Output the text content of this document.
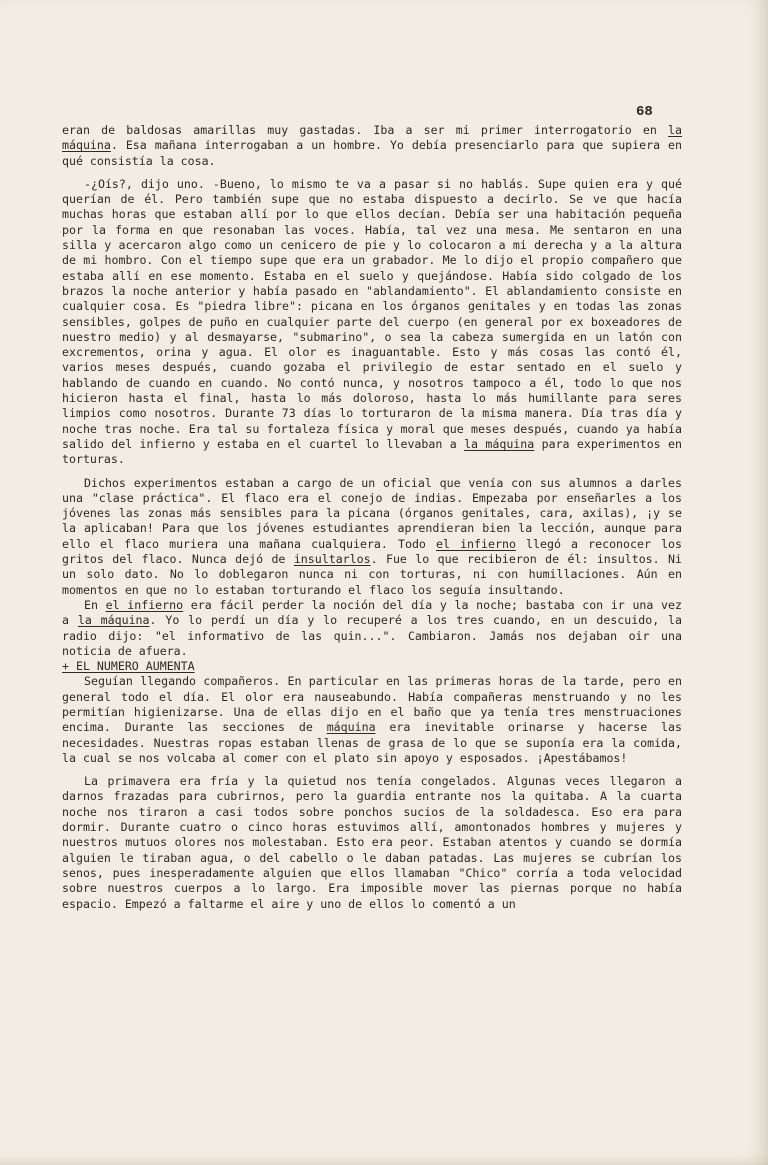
68

eran de baldosas amarillas muy gastadas. Iba a ser mi primer interrogatorio en la máquina. Esa mañana interrogaban a un hombre. Yo debía presenciarlo para que supiera en qué consistía la cosa.

-¿Oís?, dijo uno. -Bueno, lo mismo te va a pasar si no hablás. Supe quien era y qué querían de él. Pero también supe que no estaba dispuesto a decirlo. Se ve que hacía muchas horas que estaban allí por lo que ellos decían. Debía ser una habitación pequeña por la forma en que resonaban las voces. Había, tal vez una mesa. Me sentaron en una silla y acercaron algo como un cenicero de pie y lo colocaron a mi derecha y a la altura de mi hombro. Con el tiempo supe que era un grabador. Me lo dijo el propio compañero que estaba allí en ese momento. Estaba en el suelo y quejándose. Había sido colgado de los brazos la noche anterior y había pasado en "ablandamiento". El ablandamiento consiste en cualquier cosa. Es "piedra libre": picana en los órganos genitales y en todas las zonas sensibles, golpes de puño en cualquier parte del cuerpo (en general por ex boxeadores de nuestro medio) y al desmayarse, "submarino", o sea la cabeza sumergida en un latón con excrementos, orina y agua. El olor es inaguantable. Esto y más cosas las contó él, varios meses después, cuando gozaba el privilegio de estar sentado en el suelo y hablando de cuando en cuando. No contó nunca, y nosotros tampoco a él, todo lo que nos hicieron hasta el final, hasta lo más doloroso, hasta lo más humillante para seres limpios como nosotros. Durante 73 días lo torturaron de la misma manera. Día tras día y noche tras noche. Era tal su fortaleza física y moral que meses después, cuando ya había salido del infierno y estaba en el cuartel lo llevaban a la máquina para experimentos en torturas.

Dichos experimentos estaban a cargo de un oficial que venía con sus alumnos a darles una "clase práctica". El flaco era el conejo de indias. Empezaba por enseñarles a los jóvenes las zonas más sensibles para la picana (órganos genitales, cara, axilas), ¡y se la aplicaban! Para que los jóvenes estudiantes aprendieran bien la lección, aunque para ello el flaco muriera una mañana cualquiera. Todo el infierno llegó a reconocer los gritos del flaco. Nunca dejó de insultarlos. Fue lo que recibieron de él: insultos. Ni un solo dato. No lo doblegaron nunca ni con torturas, ni con humillaciones. Aún en momentos en que no lo estaban torturando el flaco los seguía insultando.

En el infierno era fácil perder la noción del día y la noche; bastaba con ir una vez a la máquina. Yo lo perdí un día y lo recuperé a los tres cuando, en un descuido, la radio dijo: "el informativo de las quin...". Cambiaron. Jamás nos dejaban oir una noticia de afuera.

+ EL NUMERO AUMENTA

Seguían llegando compañeros. En particular en las primeras horas de la tarde, pero en general todo el día. El olor era nauseabundo. Había compañeras menstruando y no les permitían higienizarse. Una de ellas dijo en el baño que ya tenía tres menstruaciones encima. Durante las secciones de máquina era inevitable orinarse y hacerse las necesidades. Nuestras ropas estaban llenas de grasa de lo que se suponía era la comida, la cual se nos volcaba al comer con el plato sin apoyo y esposados. ¡Apestábamos!

La primavera era fría y la quietud nos tenía congelados. Algunas veces llegaron a darnos frazadas para cubrirnos, pero la guardia entrante nos la quitaba. A la cuarta noche nos tiraron a casi todos sobre ponchos sucios de la soldadesca. Eso era para dormir. Durante cuatro o cinco horas estuvimos allí, amontonados hombres y mujeres y nuestros mutuos olores nos molestaban. Esto era peor. Estaban atentos y cuando se dormía alguien le tiraban agua, o del cabello o le daban patadas. Las mujeres se cubrían los senos, pues inesperadamente alguien que ellos llamaban "Chico" corría a toda velocidad sobre nuestros cuerpos a lo largo. Era imposible mover las piernas porque no había espacio. Empezó a faltarme el aire y uno de ellos lo comentó a un
